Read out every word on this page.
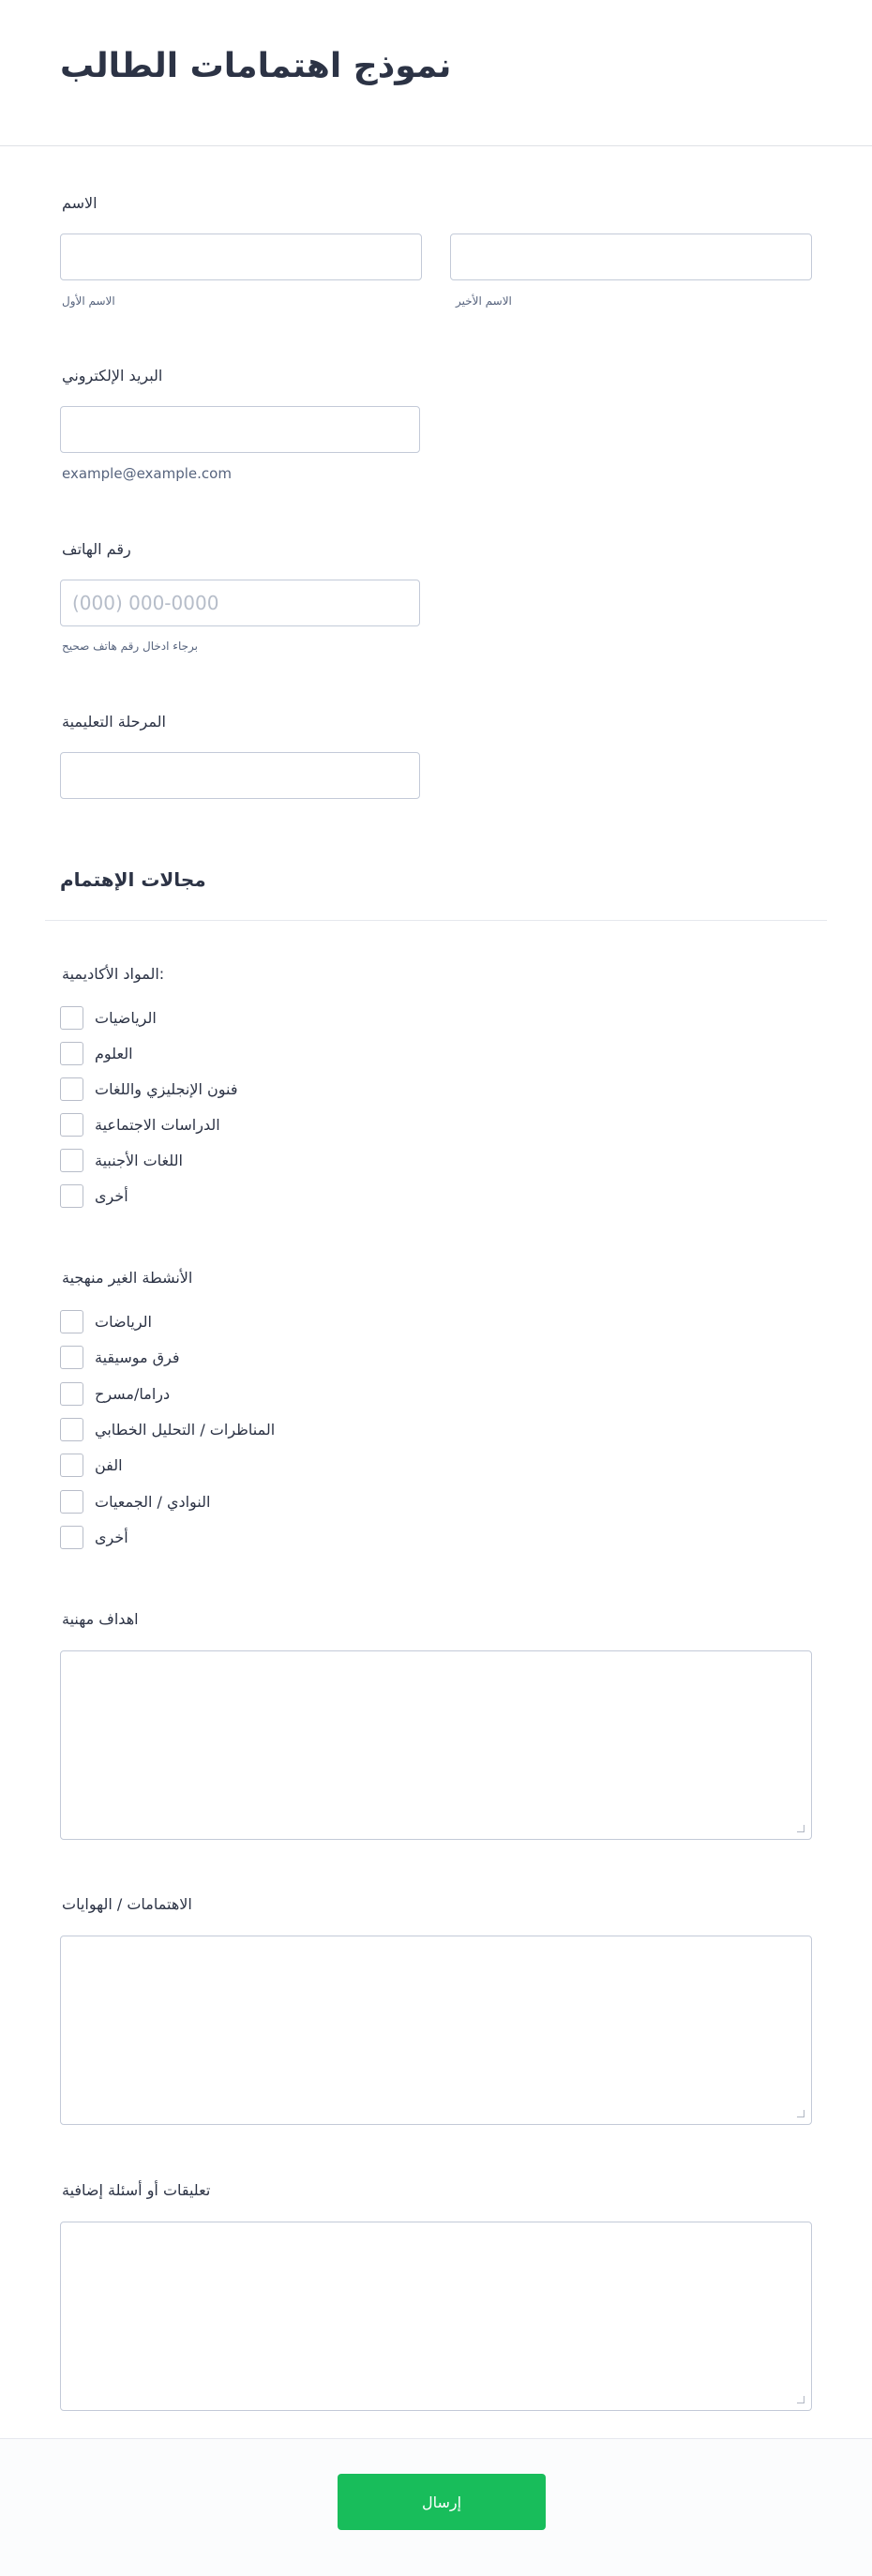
نموذج اهتمامات الطالب
الاسم
الاسم الأول	الاسم الأخير
البريد الإلكتروني
example@example.com
رقم الهاتف
(000) 000-0000
برجاء ادخال رقم هاتف صحيح
المرحلة التعليمية
مجالات الإهتمام
:المواد الأكاديمية
الرياضيات
العلوم
فنون الإنجليزي واللغات
الدراسات الاجتماعية
اللغات الأجنبية
أخرى
الأنشطة الغير منهجية
الرياضات
فرق موسيقية
دراما/مسرح
المناظرات / التحليل الخطابي
الفن
النوادي / الجمعيات
أخرى
اهداف مهنية
الاهتمامات / الهوايات
تعليقات أو أسئلة إضافية
إرسال
